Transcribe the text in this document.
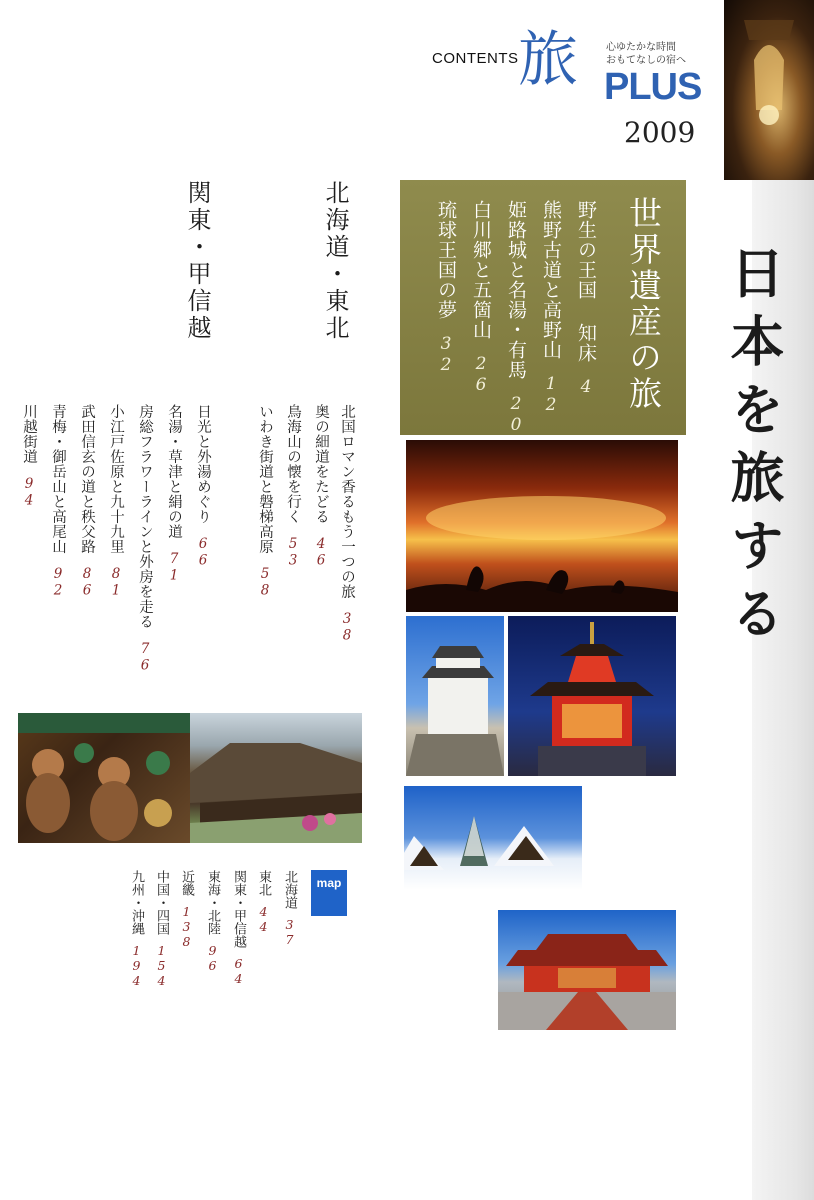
CONTENTS 旅	心ゆたかな時間
おもてなしの宿へ
PLUS
2009
日本を旅する
世界遺産の旅
野生の王国 知床4
熊野古道と高野山12
姫路城と名湯・有馬20
白川郷と五箇山26
琉球王国の夢32
北海道・東北
北国ロマン香るもう一つの旅38
奥の細道をたどる46
鳥海山の懐を行く53
いわき街道と磐梯高原58
関東・甲信越
日光と外湯めぐり66
名湯・草津と絹の道71
房総フラワーラインと外房を走る76
小江戸佐原と九十九里81
武田信玄の道と秩父路86
青梅・御岳山と高尾山92
川越街道94
map
北海道37
東北44
関東・甲信越64
東海・北陸96
近畿138
中国・四国154
九州・沖縄194
